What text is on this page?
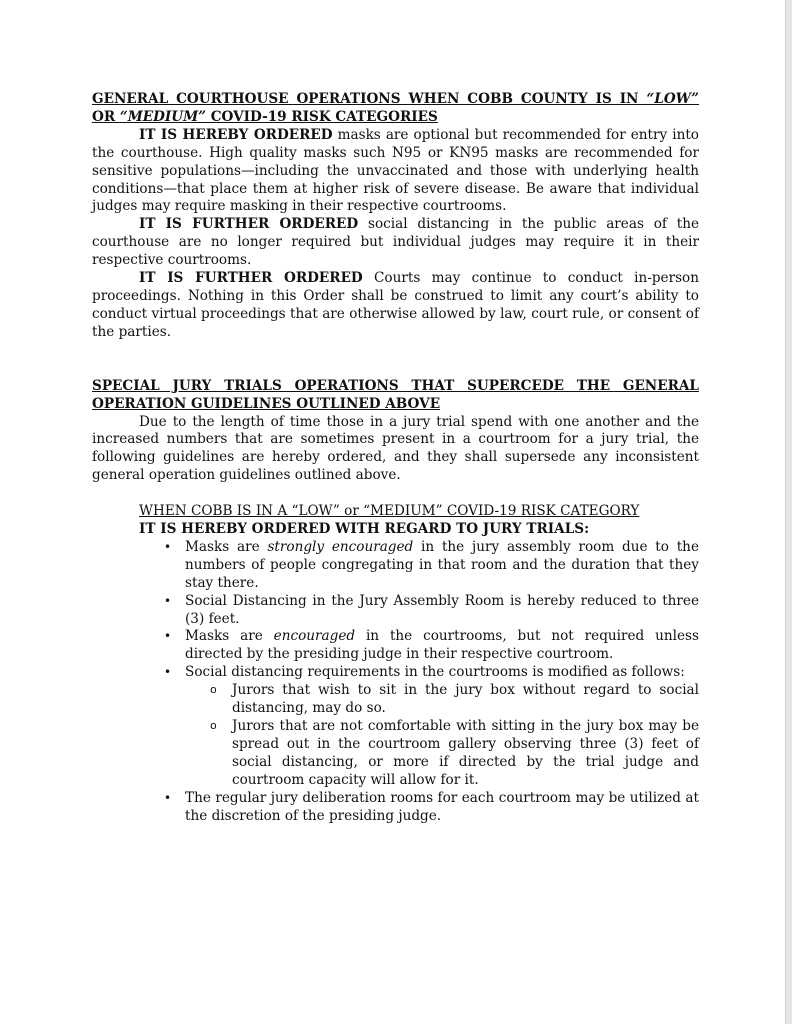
GENERAL COURTHOUSE OPERATIONS WHEN COBB COUNTY IS IN “LOW” OR “MEDIUM” COVID-19 RISK CATEGORIES

IT IS HEREBY ORDERED masks are optional but recommended for entry into the courthouse. High quality masks such N95 or KN95 masks are recommended for sensitive populations—including the unvaccinated and those with underlying health conditions—that place them at higher risk of severe disease. Be aware that individual judges may require masking in their respective courtrooms.

IT IS FURTHER ORDERED social distancing in the public areas of the courthouse are no longer required but individual judges may require it in their respective courtrooms.

IT IS FURTHER ORDERED Courts may continue to conduct in-person proceedings. Nothing in this Order shall be construed to limit any court’s ability to conduct virtual proceedings that are otherwise allowed by law, court rule, or consent of the parties.

SPECIAL JURY TRIALS OPERATIONS THAT SUPERCEDE THE GENERAL OPERATION GUIDELINES OUTLINED ABOVE

Due to the length of time those in a jury trial spend with one another and the increased numbers that are sometimes present in a courtroom for a jury trial, the following guidelines are hereby ordered, and they shall supersede any inconsistent general operation guidelines outlined above.

WHEN COBB IS IN A “LOW” or “MEDIUM” COVID-19 RISK CATEGORY
IT IS HEREBY ORDERED WITH REGARD TO JURY TRIALS:
• Masks are strongly encouraged in the jury assembly room due to the numbers of people congregating in that room and the duration that they stay there.
• Social Distancing in the Jury Assembly Room is hereby reduced to three (3) feet.
• Masks are encouraged in the courtrooms, but not required unless directed by the presiding judge in their respective courtroom.
• Social distancing requirements in the courtrooms is modified as follows:
o Jurors that wish to sit in the jury box without regard to social distancing, may do so.
o Jurors that are not comfortable with sitting in the jury box may be spread out in the courtroom gallery observing three (3) feet of social distancing, or more if directed by the trial judge and courtroom capacity will allow for it.
• The regular jury deliberation rooms for each courtroom may be utilized at the discretion of the presiding judge.
